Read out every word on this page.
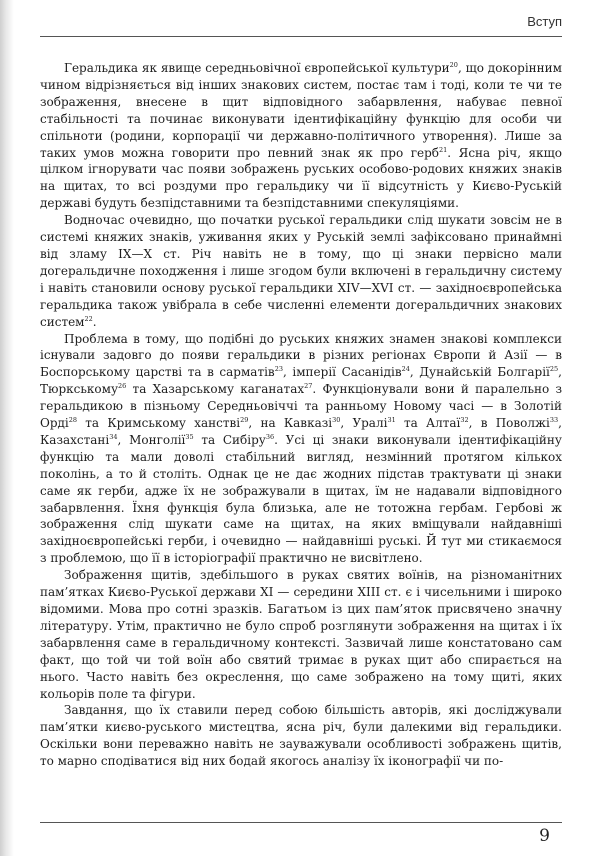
Вступ

Геральдика як явище середньовічної європейської культури$^{20}$, що докорінним чином відрізняється від інших знакових систем, постає там і тоді, коли те чи те зображення, внесене в щит відповідного забарвлення, набуває певної стабільності та починає виконувати ідентифікаційну функцію для особи чи спільноти (родини, корпорації чи державно-політичного утворення). Лише за таких умов можна говорити про певний знак як про герб$^{21}$. Ясна річ, якщо цілком ігнорувати час появи зображень руських особово-родових княжих знаків на щитах, то всі роздуми про геральдику чи її відсутність у Києво-Руській державі будуть безпідставними та безпідставними спекуляціями.

Водночас очевидно, що початки руської геральдики слід шукати зовсім не в системі княжих знаків, уживання яких у Руській землі зафіксовано принаймні від зламу IX—X ст. Річ навіть не в тому, що ці знаки первісно мали догеральдичне походження і лише згодом були включені в геральдичну систему і навіть становили основу руської геральдики XIV—XVI ст. — західноєвропейська геральдика також увібрала в себе численні елементи догеральдичних знакових систем$^{22}$.

Проблема в тому, що подібні до руських княжих знамен знакові комплекси існували задовго до появи геральдики в різних регіонах Європи й Азії — в Боспорському царстві та в сарматів$^{23}$, імперії Сасанідів$^{24}$, Дунайській Болгарії$^{25}$, Тюркському$^{26}$ та Хазарському каганатах$^{27}$. Функціонували вони й паралельно з геральдикою в пізньому Середньовіччі та ранньому Новому часі — в Золотій Орді$^{28}$ та Кримському ханстві$^{29}$, на Кавказі$^{30}$, Уралі$^{31}$ та Алтаї$^{32}$, в Поволжі$^{33}$, Казахстані$^{34}$, Монголії$^{35}$ та Сибіру$^{36}$. Усі ці знаки виконували ідентифікаційну функцію та мали доволі стабільний вигляд, незмінний протягом кількох поколінь, а то й століть. Однак це не дає жодних підстав трактувати ці знаки саме як герби, адже їх не зображували в щитах, їм не надавали відповідного забарвлення. Їхня функція була близька, але не тотожна гербам. Гербові ж зображення слід шукати саме на щитах, на яких вміщували найдавніші західноєвропейські герби, і очевидно — найдавніші руські. Й тут ми стикаємося з проблемою, що її в історіографії практично не висвітлено.

Зображення щитів, здебільшого в руках святих воїнів, на різноманітних пам’ятках Києво-Руської держави XI — середини XIII ст. є і чисельними і широко відомими. Мова про сотні зразків. Багатьом із цих пам’яток присвячено значну літературу. Утім, практично не було спроб розглянути зображення на щитах і їх забарвлення саме в геральдичному контексті. Зазвичай лише констатовано сам факт, що той чи той воїн або святий тримає в руках щит або спирається на нього. Часто навіть без окреслення, що саме зображено на тому щиті, яких кольорів поле та фігури.

Завдання, що їх ставили перед собою більшість авторів, які досліджували пам’ятки києво-руського мистецтва, ясна річ, були далекими від геральдики. Оскільки вони переважно навіть не зауважували особливості зображень щитів, то марно сподіватися від них бодай якогось аналізу їх іконографії чи по-

9
